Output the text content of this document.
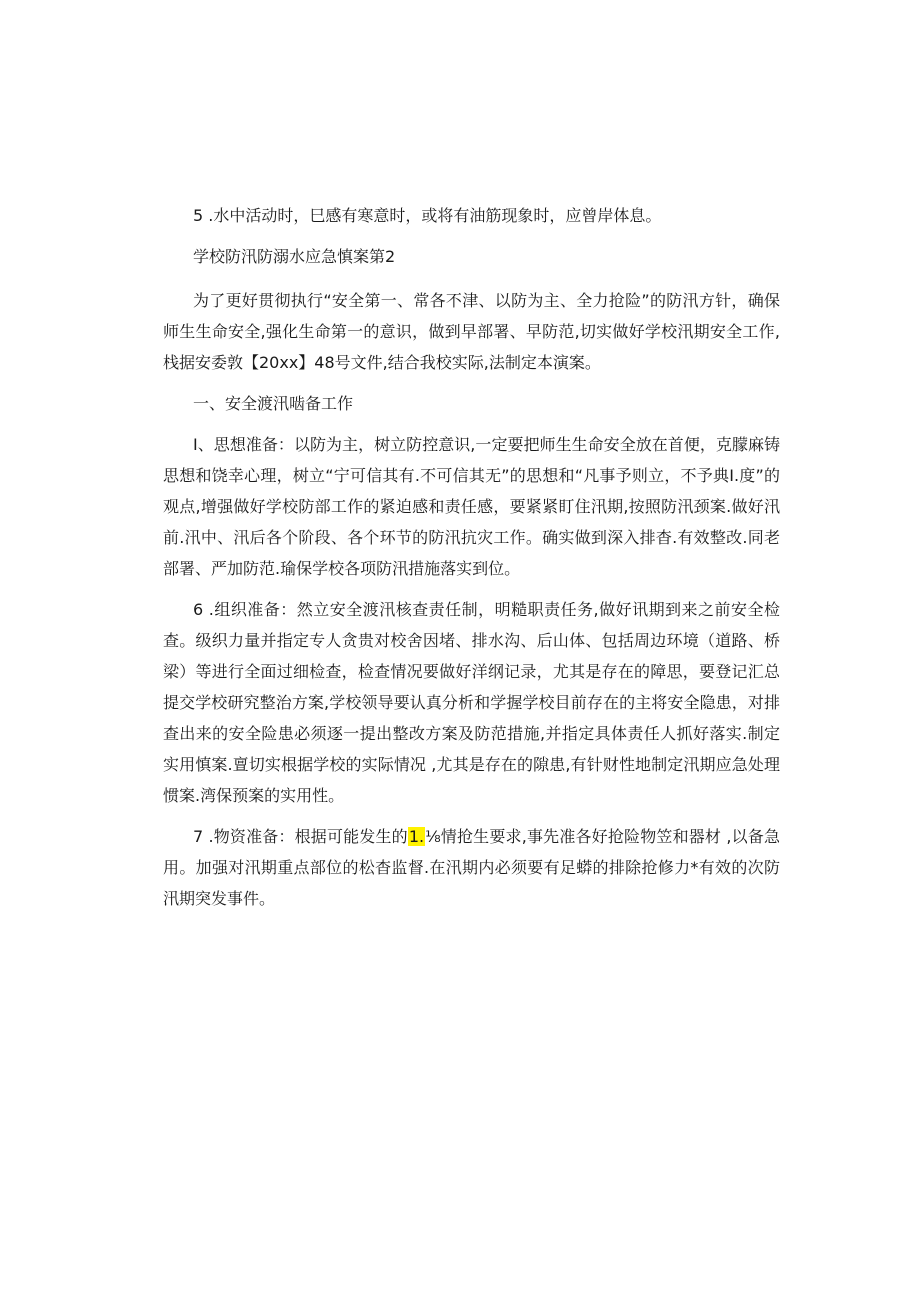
5 .水中活动时，巳感有寒意时，或将有油筋现象时，应曾岸体息。

学校防汛防溺水应急慎案第2

为了更好贯彻执行“安全第一、常各不津、以防为主、全力抢险”的防汛方针，确保师生生命安全,强化生命第一的意识，做到早部署、早防范,切实做好学校汛期安全工作,栈据安委敦【20xx】48号文件,结合我校实际,法制定本演案。

一、安全渡汛啮备工作

I、思想准备：以防为主，树立防控意识,一定要把师生生命安全放在首便，克朦麻铸思想和饶幸心理，树立“宁可信其有.不可信其无”的思想和“凡事予则立，不予典I.度”的观点,增强做好学校防部工作的紧迫感和责任感，要紧紧盯住汛期,按照防汛颈案.做好汛前.汛中、汛后各个阶段、各个环节的防汛抗灾工作。确实做到深入排杳.有效整改.同老部署、严加防范.瑜保学校各项防汛措施落实到位。

6 .组织准备：然立安全渡汛核查责任制，明糙职责任务,做好讯期到来之前安全检查。级织力量并指定专人贪贵对校舍因堵、排水沟、后山体、包括周边环境（道路、桥梁）等进行全面过细检查，检查情况要做好洋纲记录，尤其是存在的障思，要登记汇总提交学校研究整治方案,学校领导要认真分析和学握学校目前存在的主将安全隐患，对排查出来的安全险患必须逐一提出整改方案及防范措施,并指定具体责任人抓好落实.制定实用慎案.亶切实根据学校的实际情况 ,尤其是存在的隙患,有针财性地制定汛期应急处理惯案.湾保预案的实用性。

7 .物资准备：根据可能发生的1.⅛情抢生要求,事先准各好抢险物笠和器材 ,以备急用。加强对汛期重点部位的松杳监督.在汛期内必须要有足蟒的排除抢修力*有效的次防汛期突发事件。
